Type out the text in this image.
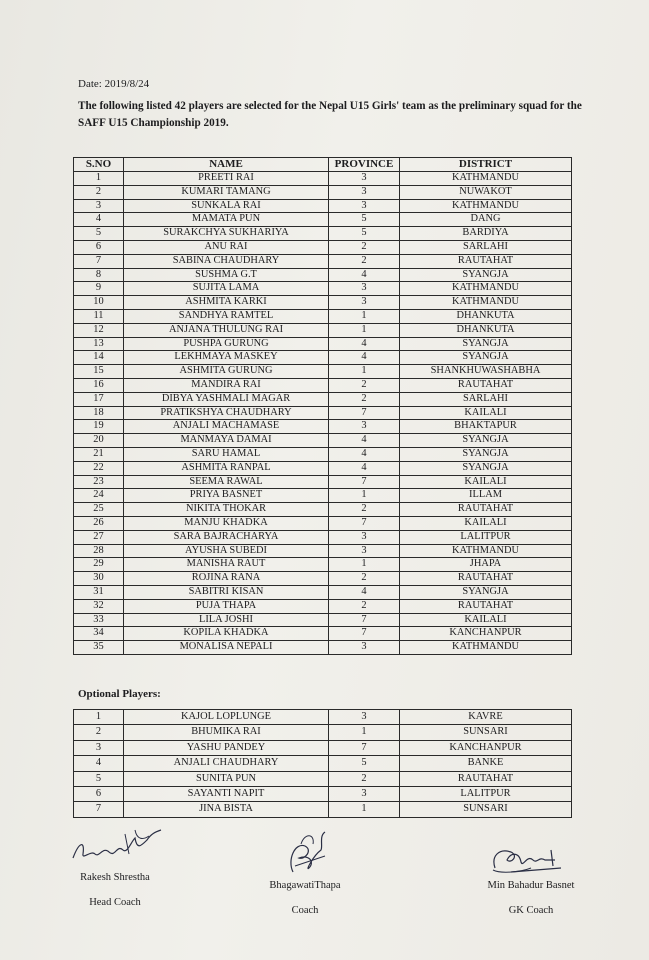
Date: 2019/8/24
The following listed 42 players are selected for the Nepal U15 Girls' team as the preliminary squad for the SAFF U15 Championship 2019.
S.NO	NAME	PROVINCE	DISTRICT
1	PREETI RAI	3	KATHMANDU
2	KUMARI TAMANG	3	NUWAKOT
3	SUNKALA RAI	3	KATHMANDU
4	MAMATA PUN	5	DANG
5	SURAKCHYA SUKHARIYA	5	BARDIYA
6	ANU RAI	2	SARLAHI
7	SABINA CHAUDHARY	2	RAUTAHAT
8	SUSHMA G.T	4	SYANGJA
9	SUJITA LAMA	3	KATHMANDU
10	ASHMITA KARKI	3	KATHMANDU
11	SANDHYA RAMTEL	1	DHANKUTA
12	ANJANA THULUNG RAI	1	DHANKUTA
13	PUSHPA GURUNG	4	SYANGJA
14	LEKHMAYA MASKEY	4	SYANGJA
15	ASHMITA GURUNG	1	SHANKHUWASHABHA
16	MANDIRA RAI	2	RAUTAHAT
17	DIBYA YASHMALI MAGAR	2	SARLAHI
18	PRATIKSHYA CHAUDHARY	7	KAILALI
19	ANJALI MACHAMASE	3	BHAKTAPUR
20	MANMAYA DAMAI	4	SYANGJA
21	SARU HAMAL	4	SYANGJA
22	ASHMITA RANPAL	4	SYANGJA
23	SEEMA RAWAL	7	KAILALI
24	PRIYA BASNET	1	ILLAM
25	NIKITA THOKAR	2	RAUTAHAT
26	MANJU KHADKA	7	KAILALI
27	SARA BAJRACHARYA	3	LALITPUR
28	AYUSHA SUBEDI	3	KATHMANDU
29	MANISHA RAUT	1	JHAPA
30	ROJINA RANA	2	RAUTAHAT
31	SABITRI KISAN	4	SYANGJA
32	PUJA THAPA	2	RAUTAHAT
33	LILA JOSHI	7	KAILALI
34	KOPILA KHADKA	7	KANCHANPUR
35	MONALISA NEPALI	3	KATHMANDU
Optional Players:
1	KAJOL LOPLUNGE	3	KAVRE
2	BHUMIKA RAI	1	SUNSARI
3	YASHU PANDEY	7	KANCHANPUR
4	ANJALI CHAUDHARY	5	BANKE
5	SUNITA PUN	2	RAUTAHAT
6	SAYANTI NAPIT	3	LALITPUR
7	JINA BISTA	1	SUNSARI
Rakesh Shrestha
Head Coach
BhagawatiThapa
Coach
Min Bahadur Basnet
GK Coach
